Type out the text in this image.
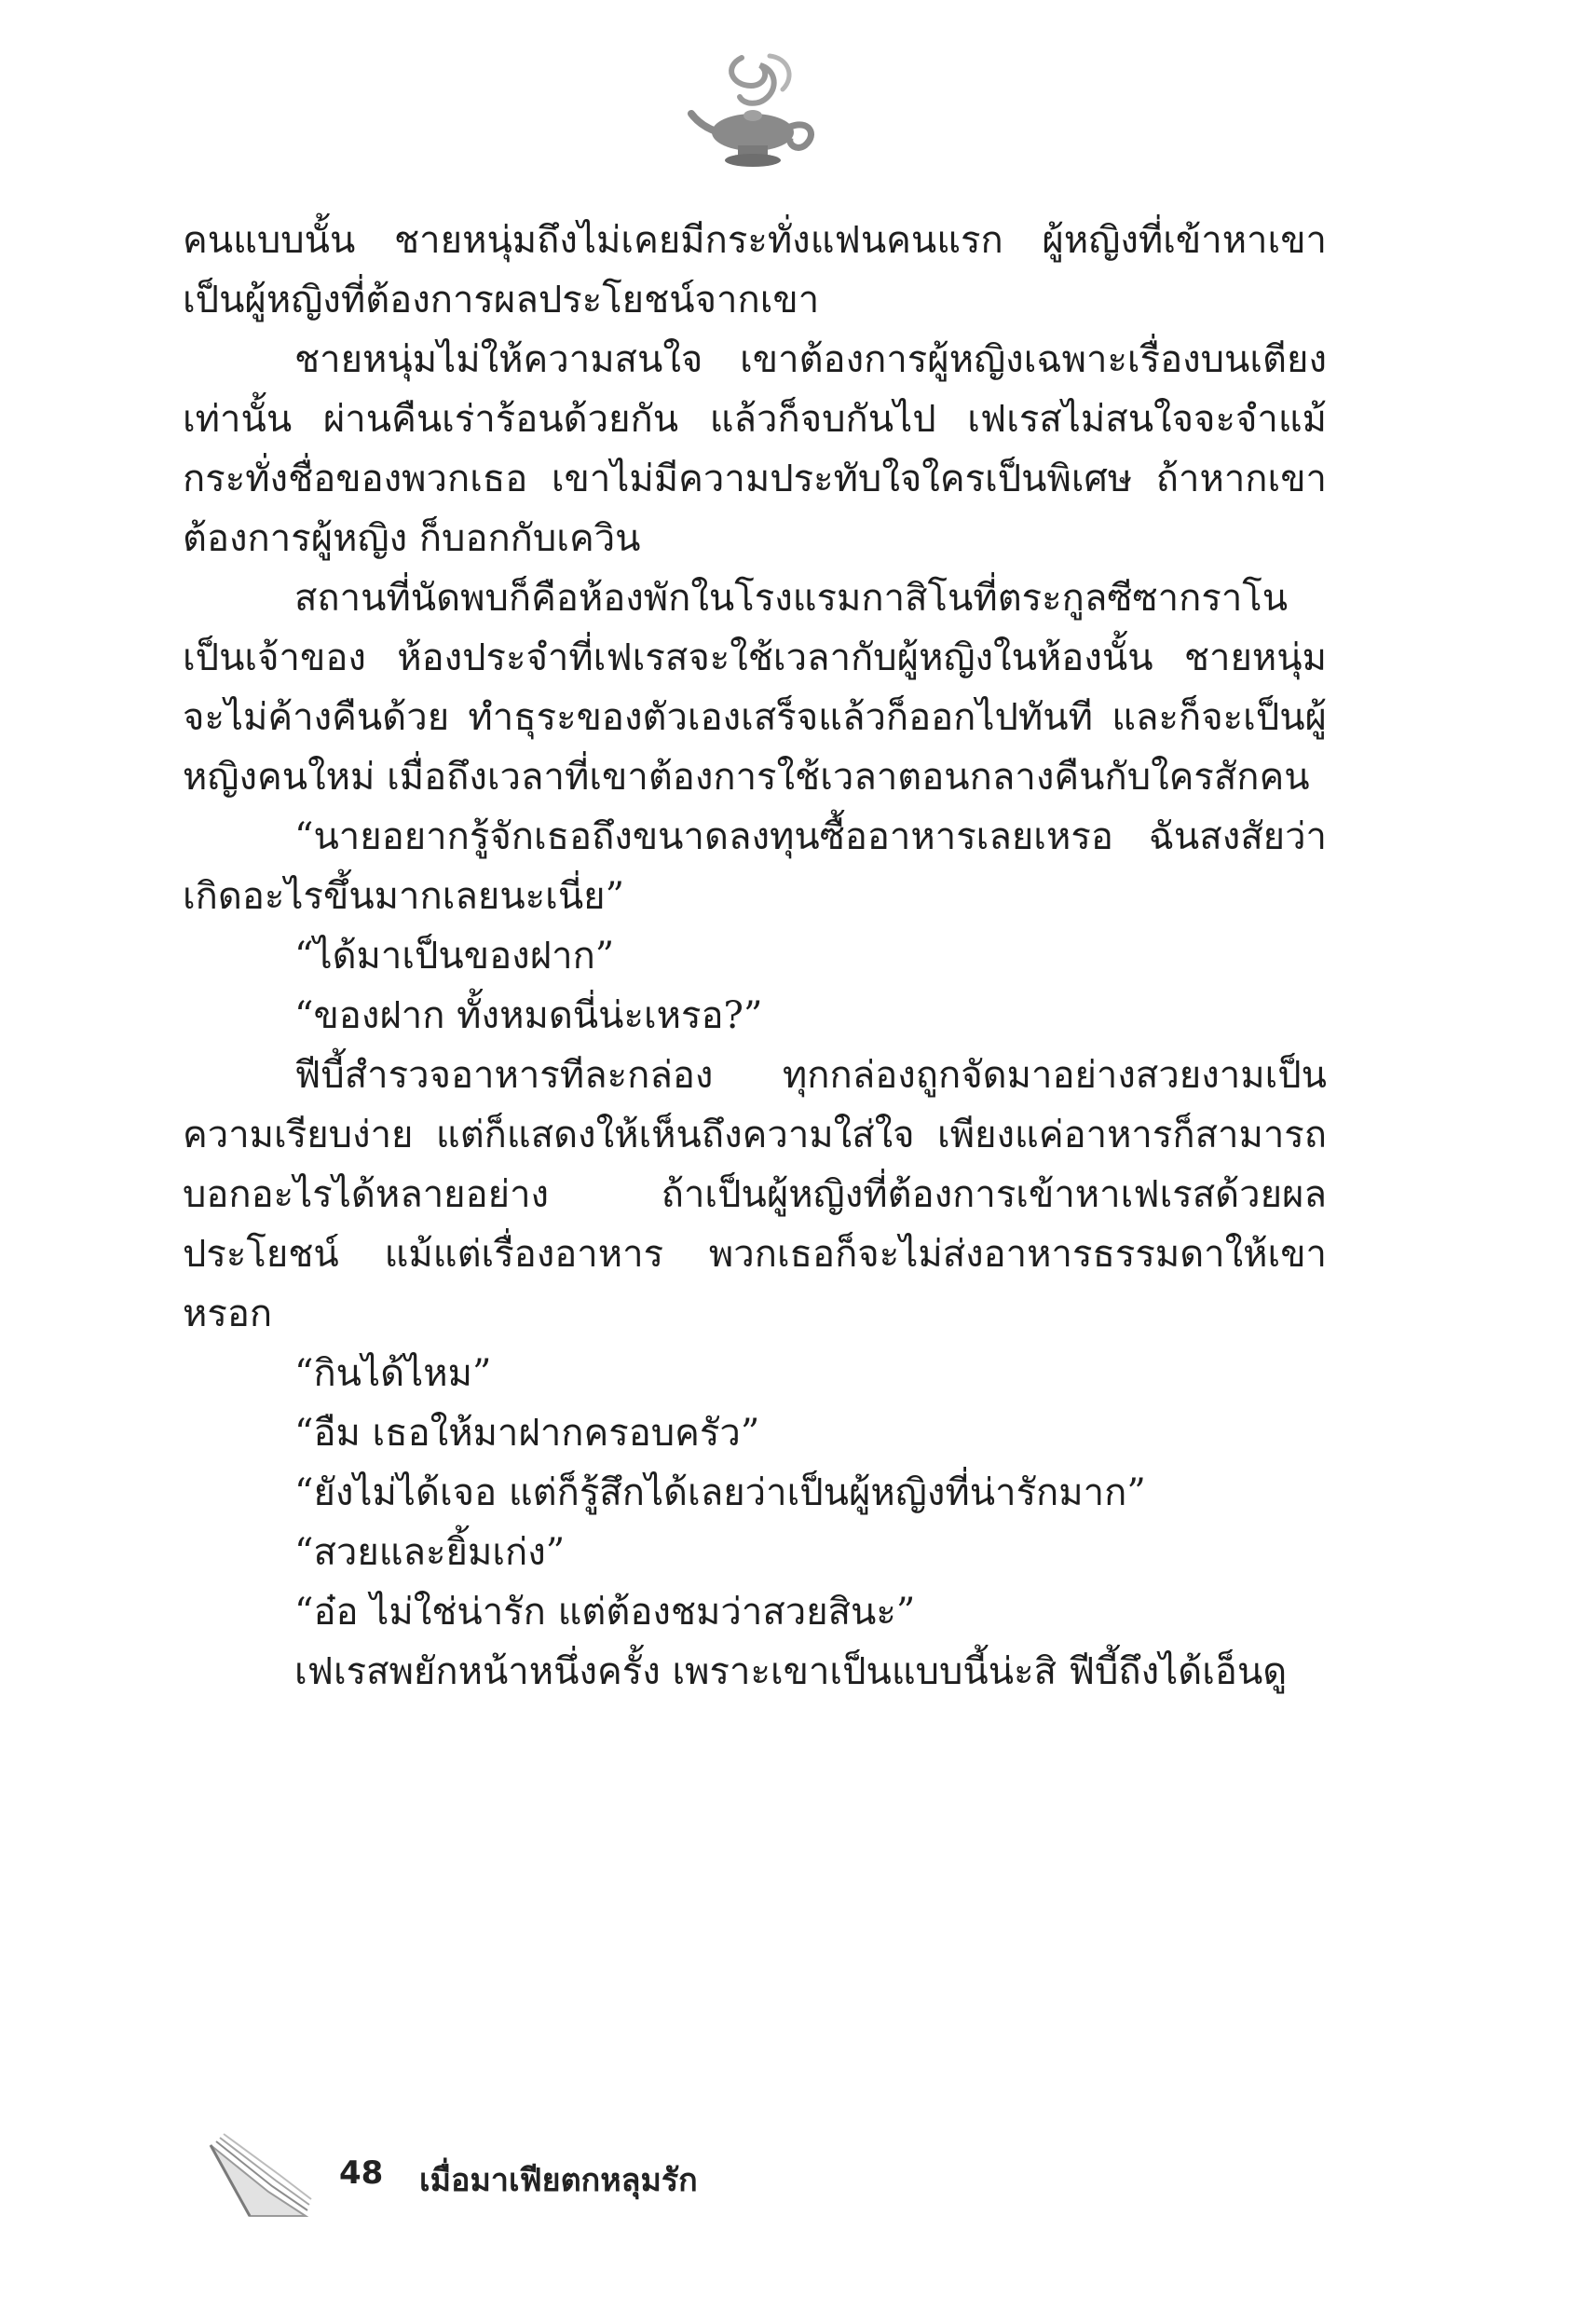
คนแบบนั้น ชายหนุ่มถึงไม่เคยมีกระทั่งแฟนคนแรก ผู้หญิงที่เข้าหาเขาเป็นผู้หญิงที่ต้องการผลประโยชน์จากเขา

ชายหนุ่มไม่ให้ความสนใจ เขาต้องการผู้หญิงเฉพาะเรื่องบนเตียงเท่านั้น ผ่านคืนเร่าร้อนด้วยกัน แล้วก็จบกันไป เฟเรสไม่สนใจจะจำแม้กระทั่งชื่อของพวกเธอ เขาไม่มีความประทับใจใครเป็นพิเศษ ถ้าหากเขาต้องการผู้หญิง ก็บอกกับเควิน

สถานที่นัดพบก็คือห้องพักในโรงแรมกาสิโนที่ตระกูลซีซากราโนเป็นเจ้าของ ห้องประจำที่เฟเรสจะใช้เวลากับผู้หญิงในห้องนั้น ชายหนุ่มจะไม่ค้างคืนด้วย ทำธุระของตัวเองเสร็จแล้วก็ออกไปทันที และก็จะเป็นผู้หญิงคนใหม่ เมื่อถึงเวลาที่เขาต้องการใช้เวลาตอนกลางคืนกับใครสักคน

“นายอยากรู้จักเธอถึงขนาดลงทุนซื้ออาหารเลยเหรอ ฉันสงสัยว่าเกิดอะไรขึ้นมากเลยนะเนี่ย”

“ได้มาเป็นของฝาก”

“ของฝาก ทั้งหมดนี่น่ะเหรอ?”

ฟีบี้สำรวจอาหารทีละกล่อง ทุกกล่องถูกจัดมาอย่างสวยงามเป็นความเรียบง่าย แต่ก็แสดงให้เห็นถึงความใส่ใจ เพียงแค่อาหารก็สามารถบอกอะไรได้หลายอย่าง ถ้าเป็นผู้หญิงที่ต้องการเข้าหาเฟเรสด้วยผลประโยชน์ แม้แต่เรื่องอาหาร พวกเธอก็จะไม่ส่งอาหารธรรมดาให้เขาหรอก

“กินได้ไหม”

“อืม เธอให้มาฝากครอบครัว”

“ยังไม่ได้เจอ แต่ก็รู้สึกได้เลยว่าเป็นผู้หญิงที่น่ารักมาก”

“สวยและยิ้มเก่ง”

“อ๋อ ไม่ใช่น่ารัก แต่ต้องชมว่าสวยสินะ”

เฟเรสพยักหน้าหนึ่งครั้ง เพราะเขาเป็นแบบนี้น่ะสิ ฟีบี้ถึงได้เอ็นดู

48 เมื่อมาเฟียตกหลุมรัก
